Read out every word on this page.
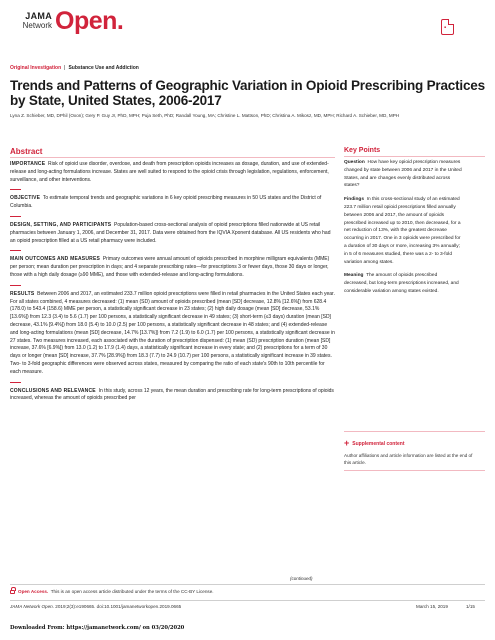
JAMA
Network Open.	▪
Original Investigation | Substance Use and Addiction
Trends and Patterns of Geographic Variation in Opioid Prescribing Practices by State, United States, 2006-2017
Lyna Z. Schieber, MD, DPhil (Oxon); Gery P. Guy Jr, PhD, MPH; Puja Seth, PhD; Randall Young, MA; Christine L. Mattson, PhD; Christina A. Mikosz, MD, MPH; Richard A. Schieber, MD, MPH
Abstract

IMPORTANCE Risk of opioid use disorder, overdose, and death from prescription opioids increases as dosage, duration, and use of extended-release and long-acting formulations increase. States are well suited to respond to the opioid crisis through legislation, regulations, enforcement, surveillance, and other interventions.

OBJECTIVE To estimate temporal trends and geographic variations in 6 key opioid prescribing measures in 50 US states and the District of Columbia.

DESIGN, SETTING, AND PARTICIPANTS Population-based cross-sectional analysis of opioid prescriptions filled nationwide at US retail pharmacies between January 1, 2006, and December 31, 2017. Data were obtained from the IQVIA Xponent database. All US residents who had an opioid prescription filled at a US retail pharmacy were included.

MAIN OUTCOMES AND MEASURES Primary outcomes were annual amount of opioids prescribed in morphine milligram equivalents (MME) per person; mean duration per prescription in days; and 4 separate prescribing rates—for prescriptions 3 or fewer days, those 30 days or longer, those with a high daily dosage (≥90 MME), and those with extended-release and long-acting formulations.

RESULTS Between 2006 and 2017, an estimated 233.7 million opioid prescriptions were filled in retail pharmacies in the United States each year. For all states combined, 4 measures decreased: (1) mean (SD) amount of opioids prescribed (mean [SD] decrease, 12.8% [12.6%]) from 628.4 (178.0) to 543.4 (158.6) MME per person, a statistically significant decrease in 23 states; (2) high daily dosage (mean [SD] decrease, 53.1% [13.6%]) from 12.3 (3.4) to 5.6 (1.7) per 100 persons, a statistically significant decrease in 49 states; (3) short-term (≤3 days) duration (mean [SD] decrease, 43.1% [9.4%]) from 18.0 (5.4) to 10.0 (2.5) per 100 persons, a statistically significant decrease in 48 states; and (4) extended-release and long-acting formulations (mean [SD] decrease, 14.7% [13.7%]) from 7.2 (1.9) to 6.0 (1.7) per 100 persons, a statistically significant decrease in 27 states. Two measures increased, each associated with the duration of prescription dispensed: (1) mean (SD) prescription duration (mean [SD] increase, 37.6% [6.9%]) from 13.0 (1.2) to 17.9 (1.4) days, a statistically significant increase in every state; and (2) prescriptions for a term of 30 days or longer (mean [SD] increase, 37.7% [28.9%]) from 18.3 (7.7) to 24.9 (10.7) per 100 persons, a statistically significant increase in 39 states. Two- to 3-fold geographic differences were observed across states, measured by comparing the ratio of each state's 90th to 10th percentile for each measure.

CONCLUSIONS AND RELEVANCE In this study, across 12 years, the mean duration and prescribing rate for long-term prescriptions of opioids increased, whereas the amount of opioids prescribed per

(continued)
Key Points

Question How have key opioid prescription measures changed by state between 2006 and 2017 in the United States, and are changes evenly distributed across states?

Findings In this cross-sectional study of an estimated 223.7 million retail opioid prescriptions filled annually between 2006 and 2017, the amount of opioids prescribed increased up to 2010, then decreased, for a net reduction of 13%, with the greatest decrease occurring in 2017. One in 3 opioids were prescribed for a duration of 30 days or more, increasing 3% annually; in 5 of 6 measures studied, there was a 2- to 3-fold variation among states.

Meaning The amount of opioids prescribed decreased, but long-term prescriptions increased, and considerable variation among states existed.

+ Supplemental content
Author affiliations and article information are listed at the end of this article.
Open Access. This is an open access article distributed under the terms of the CC-BY License.
JAMA Network Open. 2019;2(3):e190665. doi:10.1001/jamanetworkopen.2019.0665	March 15, 2019	1/15
Downloaded From: https://jamanetwork.com/ on 03/20/2020
